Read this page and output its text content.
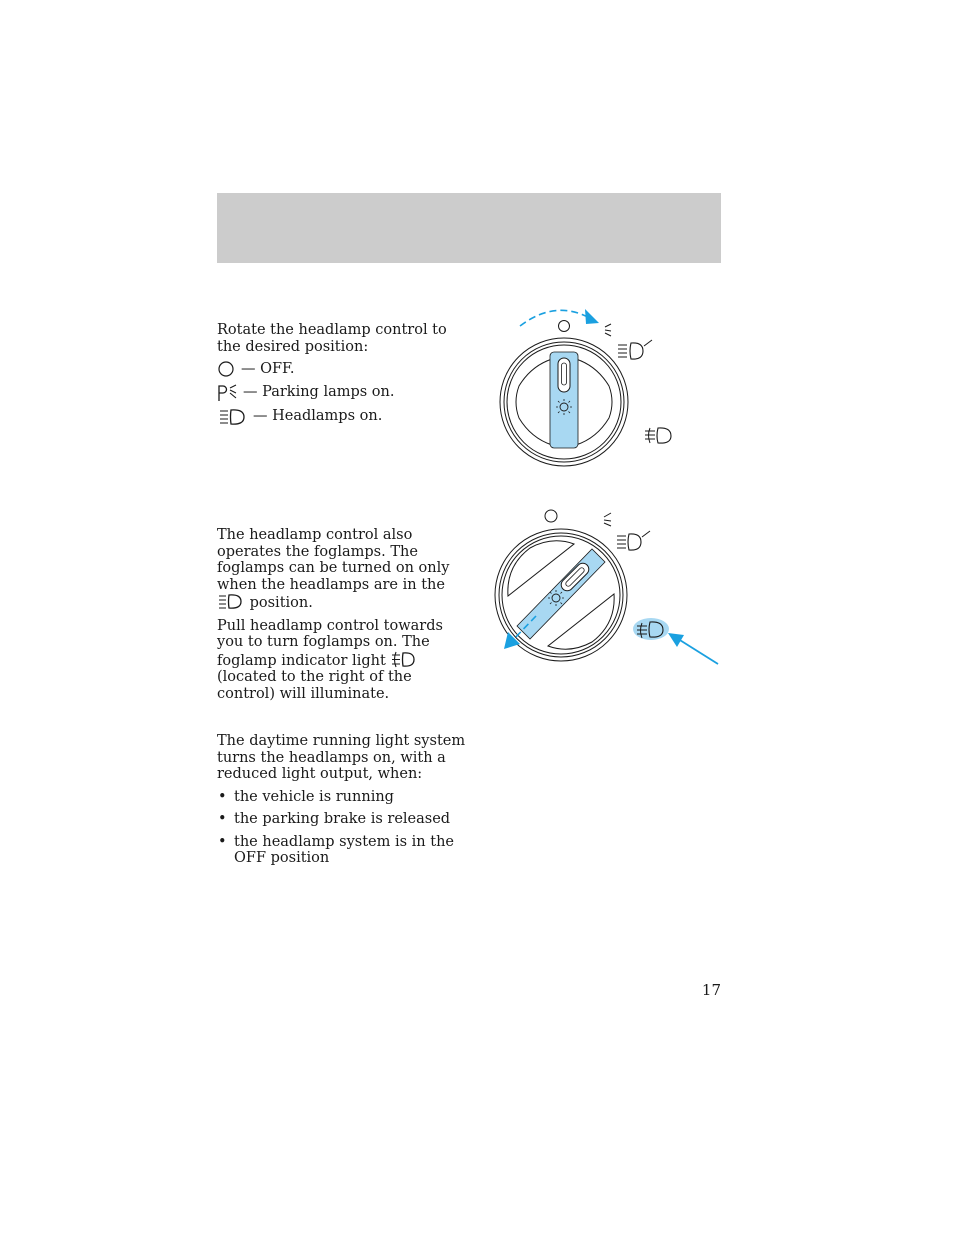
Rotate the headlamp control to the desired position:

— OFF.
— Parking lamps on.
— Headlamps on.

The headlamp control also operates the foglamps. The foglamps can be turned on only when the headlamps are in the  position.

Pull headlamp control towards you to turn foglamps on. The foglamp indicator light  (located to the right of the control) will illuminate.

The daytime running light system turns the headlamps on, with a reduced light output, when:

• the vehicle is running
• the parking brake is released
• the headlamp system is in the OFF position
17
